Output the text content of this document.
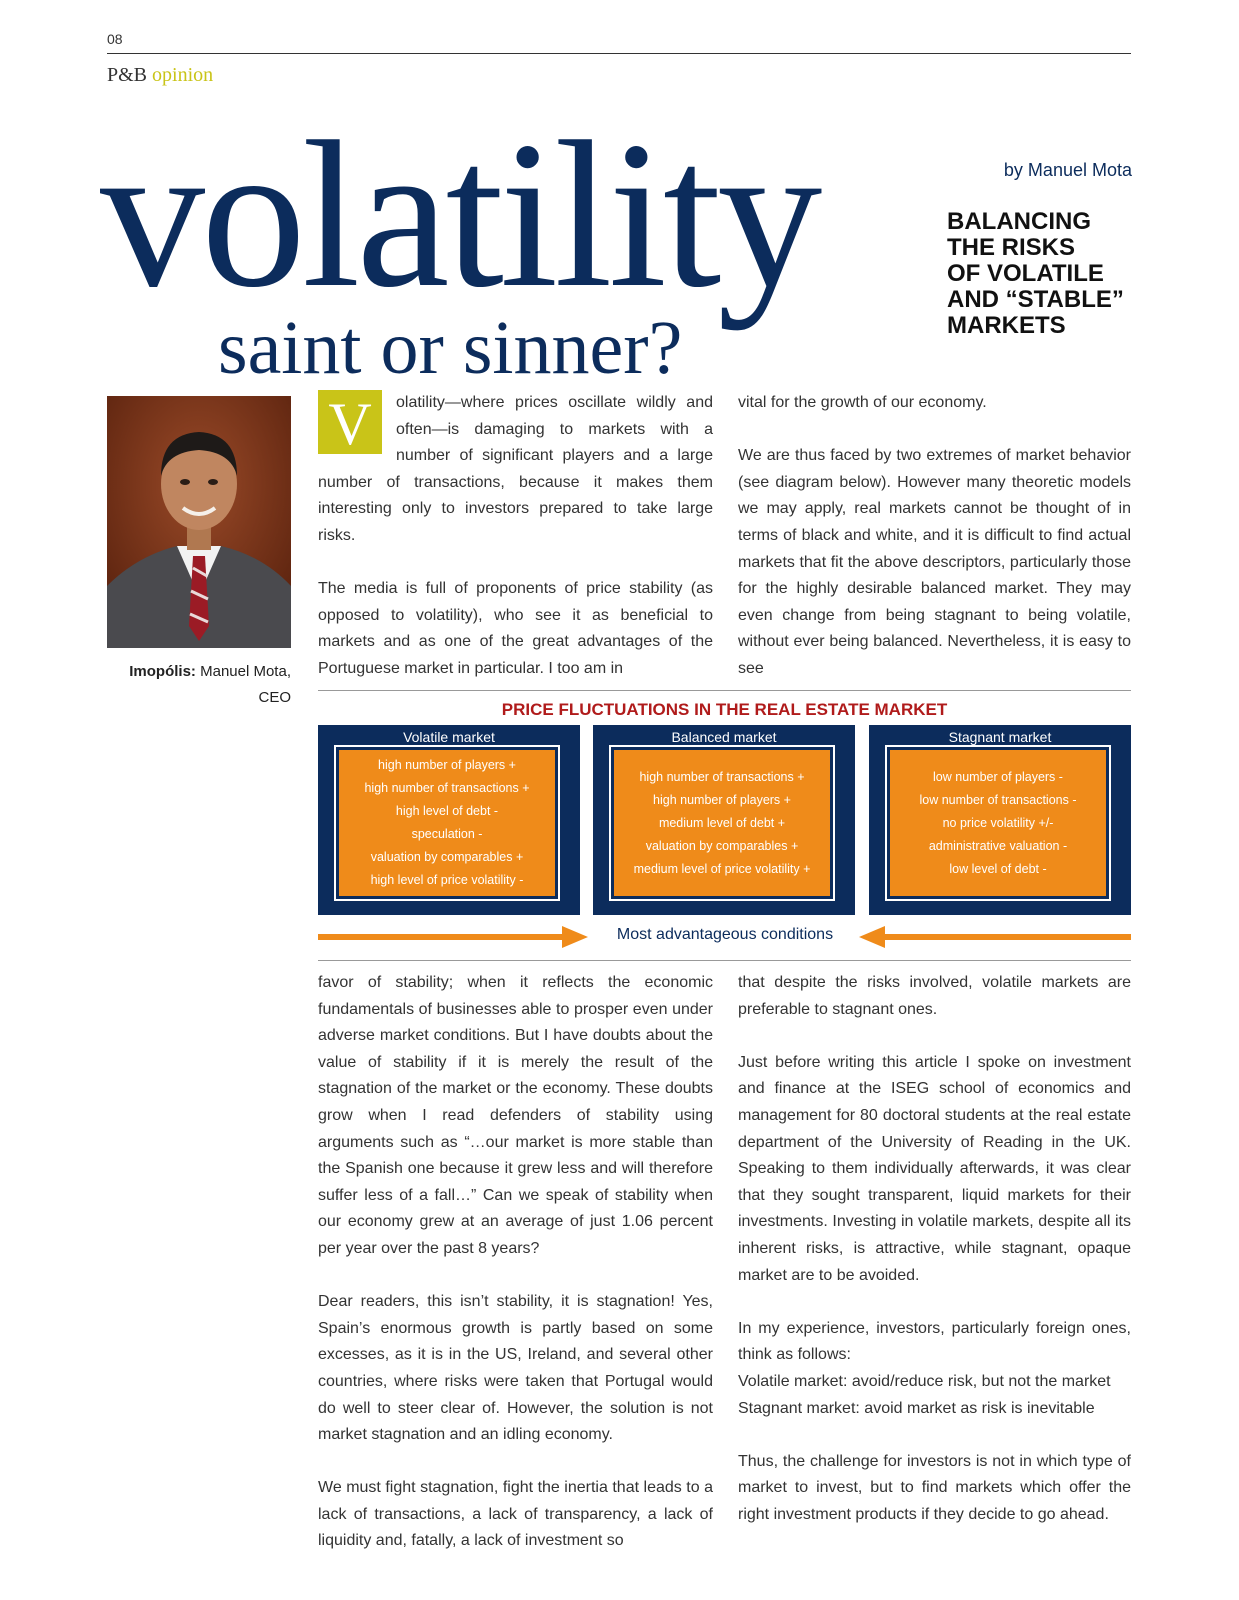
08
P&B opinion
volatility
saint or sinner?
by Manuel Mota
BALANCING
THE RISKS
OF VOLATILE
AND “STABLE”
MARKETS
Imopólis: Manuel Mota, CEO

V	olatility—where prices oscillate wildly and often—is damaging to markets with a number of significant players and a large number of transactions, because it makes them interesting only to investors prepared to take large risks.

The media is full of proponents of price stability (as opposed to volatility), who see it as beneficial to markets and as one of the great advantages of the Portuguese market in particular. I too am in

vital for the growth of our economy.

We are thus faced by two extremes of market behavior (see diagram below). However many theoretic models we may apply, real markets cannot be thought of in terms of black and white, and it is difficult to find actual markets that fit the above descriptors, particularly those for the highly desirable balanced market. They may even change from being stagnant to being volatile, without ever being balanced. Nevertheless, it is easy to see

PRICE FLUCTUATIONS IN THE REAL ESTATE MARKET
Volatile market
high number of players +
high number of transactions +
high level of debt -
speculation -
valuation by comparables +
high level of price volatility -
Balanced market
high number of transactions +
high number of players +
medium level of debt +
valuation by comparables +
medium level of price volatility +
Stagnant market
low number of players -
low number of transactions -
no price volatility +/-
administrative valuation -
low level of debt -
Most advantageous conditions

favor of stability; when it reflects the economic fundamentals of businesses able to prosper even under adverse market conditions. But I have doubts about the value of stability if it is merely the result of the stagnation of the market or the economy. These doubts grow when I read defenders of stability using arguments such as “…our market is more stable than the Spanish one because it grew less and will therefore suffer less of a fall…” Can we speak of stability when our economy grew at an average of just 1.06 percent per year over the past 8 years?

Dear readers, this isn’t stability, it is stagnation! Yes, Spain’s enormous growth is partly based on some excesses, as it is in the US, Ireland, and several other countries, where risks were taken that Portugal would do well to steer clear of. However, the solution is not market stagnation and an idling economy.

We must fight stagnation, fight the inertia that leads to a lack of transactions, a lack of transparency, a lack of liquidity and, fatally, a lack of investment so

that despite the risks involved, volatile markets are preferable to stagnant ones.

Just before writing this article I spoke on investment and finance at the ISEG school of economics and management for 80 doctoral students at the real estate department of the University of Reading in the UK. Speaking to them individually afterwards, it was clear that they sought transparent, liquid markets for their investments. Investing in volatile markets, despite all its inherent risks, is attractive, while stagnant, opaque market are to be avoided.

In my experience, investors, particularly foreign ones, think as follows:

Volatile market: avoid/reduce risk, but not the market

Stagnant market: avoid market as risk is inevitable

Thus, the challenge for investors is not in which type of market to invest, but to find markets which offer the right investment products if they decide to go ahead.
